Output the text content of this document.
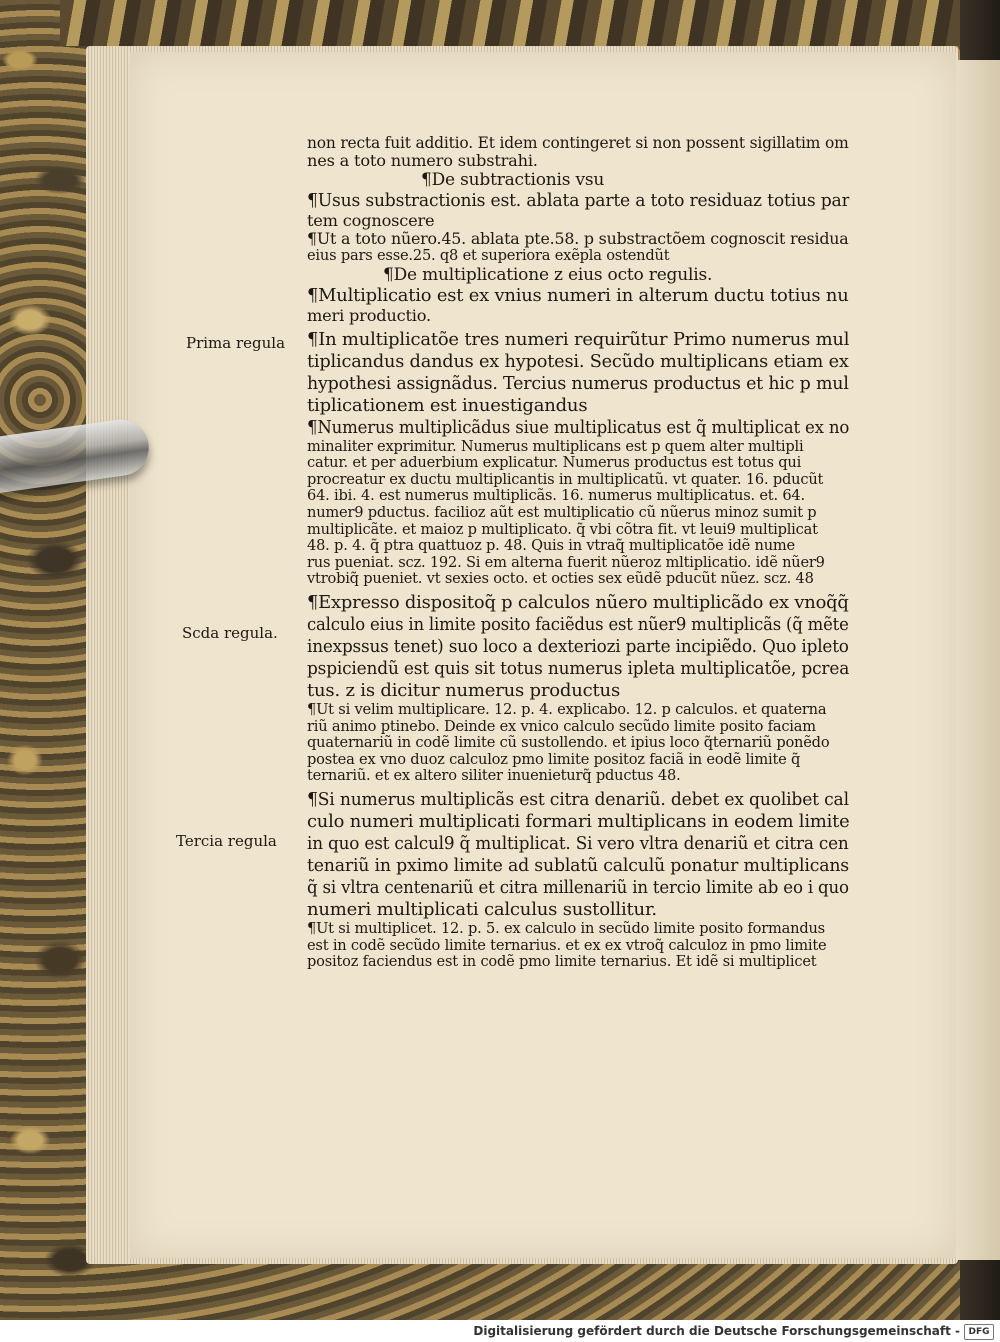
non recta fuit additio. Et idem contingeret si non possent sigillatim om
nes a toto numero substrahi.
¶De subtractionis vsu
¶Usus substractionis est. ablata parte a toto residuaz totius par
tem cognoscere
¶Ut a toto nũero.45. ablata pte.58. p substractõem cognoscit residua
eius pars esse.25. q8 et superiora exẽpla ostendũt
¶De multiplicatione z eius octo regulis.
¶Multiplicatio est ex vnius numeri in alterum ductu totius nu
meri productio.
¶In multiplicatõe tres numeri requirũtur Primo numerus mul
tiplicandus dandus ex hypotesi. Secũdo multiplicans etiam ex
hypothesi assignãdus. Tercius numerus productus et hic p mul
tiplicationem est inuestigandus
¶Numerus multiplicãdus siue multiplicatus est q̃ multiplicat ex no
minaliter exprimitur. Numerus multiplicans est p quem alter multipli
catur. et per aduerbium explicatur. Numerus productus est totus qui
procreatur ex ductu multiplicantis in multiplicatũ. vt quater. 16. pducũt
64. ibi. 4. est numerus multiplicãs. 16. numerus multiplicatus. et. 64.
numer9 pductus. facilioz aũt est multiplicatio cũ nũerus minoz sumit p
multiplicãte. et maioz p multiplicato. q̃ vbi cõtra fit. vt leui9 multiplicat
48. p. 4. q̃ ptra quattuoz p. 48. Quis in vtraq̃ multiplicatõe idẽ nume
rus pueniat. scz. 192. Si em alterna fuerit nũeroz mltiplicatio. idẽ nũer9
vtrobiq̃ pueniet. vt sexies octo. et octies sex eũdẽ pducũt nũez. scz. 48
¶Expresso dispositoq̃ p calculos nũero multiplicãdo ex vnoq̃q̃
calculo eius in limite posito faciẽdus est nũer9 multiplicãs (q̃ mẽte
inexpssus tenet) suo loco a dexteriozi parte incipiẽdo. Quo ipleto
pspiciendũ est quis sit totus numerus ipleta multiplicatõe, pcrea
tus. z is dicitur numerus productus
¶Ut si velim multiplicare. 12. p. 4. explicabo. 12. p calculos. et quaterna
riũ animo ptinebo. Deinde ex vnico calculo secũdo limite posito faciam
quaternariũ in codẽ limite cũ sustollendo. et ipius loco q̃ternariũ ponẽdo
postea ex vno duoz calculoz pmo limite positoz faciã in eodẽ limite q̃
ternariũ. et ex altero siliter inuenieturq̃ pductus 48.
¶Si numerus multiplicãs est citra denariũ. debet ex quolibet cal
culo numeri multiplicati formari multiplicans in eodem limite
in quo est calcul9 q̃ multiplicat. Si vero vltra denariũ et citra cen
tenariũ in pximo limite ad sublatũ calculũ ponatur multiplicans
q̃ si vltra centenariũ et citra millenariũ in tercio limite ab eo i quo
numeri multiplicati calculus sustollitur.
¶Ut si multiplicet. 12. p. 5. ex calculo in secũdo limite posito formandus
est in codẽ secũdo limite ternarius. et ex ex vtroq̃ calculoz in pmo limite
positoz faciendus est in codẽ pmo limite ternarius. Et idẽ si multiplicet
Prima regula
Scda regula.
Tercia regula
Digitalisierung gefördert durch die Deutsche Forschungsgemeinschaft - DFG
